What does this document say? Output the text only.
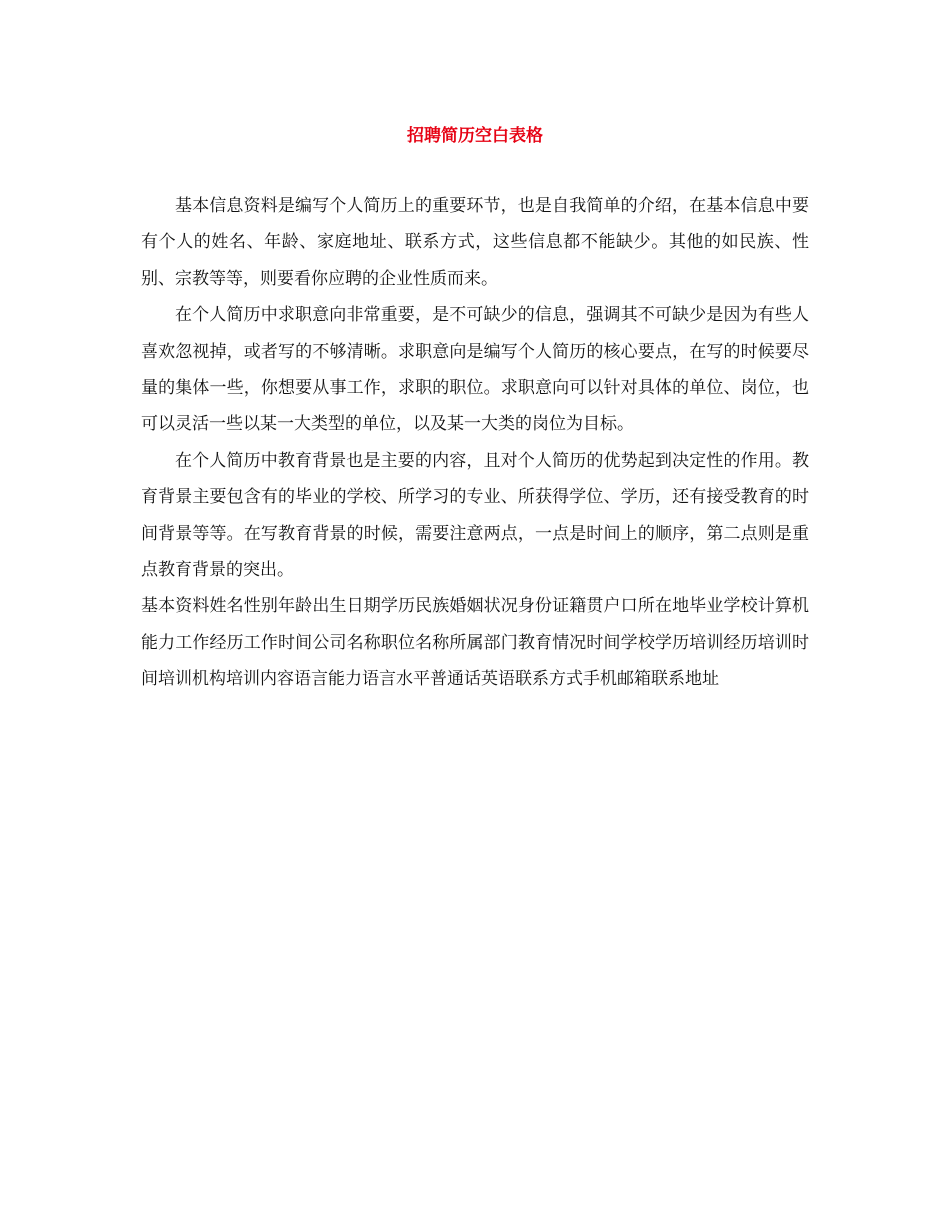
招聘简历空白表格

基本信息资料是编写个人简历上的重要环节，也是自我简单的介绍，在基本信息中要有个人的姓名、年龄、家庭地址、联系方式，这些信息都不能缺少。其他的如民族、性别、宗教等等，则要看你应聘的企业性质而来。

在个人简历中求职意向非常重要，是不可缺少的信息，强调其不可缺少是因为有些人喜欢忽视掉，或者写的不够清晰。求职意向是编写个人简历的核心要点，在写的时候要尽量的集体一些，你想要从事工作，求职的职位。求职意向可以针对具体的单位、岗位，也可以灵活一些以某一大类型的单位，以及某一大类的岗位为目标。

在个人简历中教育背景也是主要的内容，且对个人简历的优势起到决定性的作用。教育背景主要包含有的毕业的学校、所学习的专业、所获得学位、学历，还有接受教育的时间背景等等。在写教育背景的时候，需要注意两点，一点是时间上的顺序，第二点则是重点教育背景的突出。

基本资料姓名性别年龄出生日期学历民族婚姻状况身份证籍贯户口所在地毕业学校计算机能力工作经历工作时间公司名称职位名称所属部门教育情况时间学校学历培训经历培训时间培训机构培训内容语言能力语言水平普通话英语联系方式手机邮箱联系地址
